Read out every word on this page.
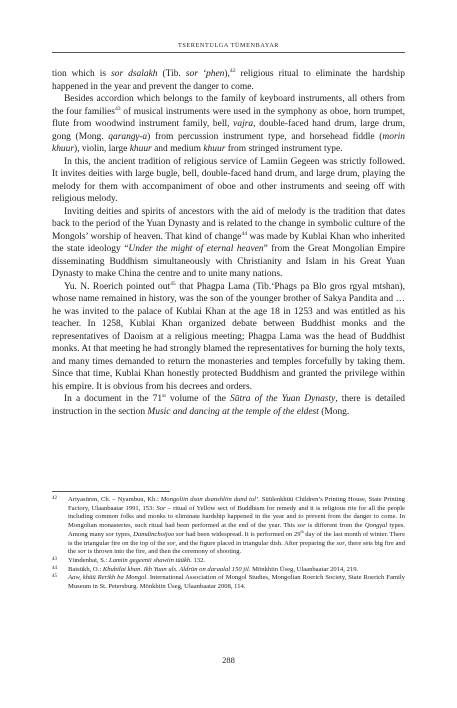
TSERENTULGA TÜMENBAYAR

tion which is sor dsalakh (Tib. sor ‘phen),$^{42}$ religious ritual to eliminate the hardship happened in the year and prevent the danger to come.

Besides accordion which belongs to the family of keyboard instruments, all others from the four families$^{43}$ of musical instruments were used in the symphony as oboe, horn trumpet, flute from woodwind instrument family, bell, vajra, double-faced hand drum, large drum, gong (Mong. qarangγ-a) from percussion instrument type, and horsehead fiddle (morin khuur), violin, large khuur and medium khuur from stringed instrument type.

In this, the ancient tradition of religious service of Lamiin Gegeen was strictly followed. It invites deities with large bugle, bell, double-faced hand drum, and large drum, playing the melody for them with accompaniment of oboe and other instruments and seeing off with religious melody.

Inviting deities and spirits of ancestors with the aid of melody is the tradition that dates back to the period of the Yuan Dynasty and is related to the change in symbolic culture of the Mongols’ worship of heaven. That kind of change$^{44}$ was made by Kublai Khan who inherited the state ideology “Under the might of eternal heaven” from the Great Mongolian Empire disseminating Buddhism simultaneously with Christianity and Islam in his Great Yuan Dynasty to make China the centre and to unite many nations.

Yu. N. Roerich pointed out$^{45}$ that Phagpa Lama (Tib.‘Phags pa Blo gros rgyal mtshan), whose name remained in history, was the son of the younger brother of Sakya Pandita and … he was invited to the palace of Kublai Khan at the age 18 in 1253 and was entitled as his teacher. In 1258, Kublai Khan organized debate between Buddhist monks and the representatives of Daoism at a religious meeting; Phagpa Lama was the head of Buddhist monks. At that meeting he had strongly blamed the representatives for burning the holy texts, and many times demanded to return the monasteries and temples forcefully by taking them. Since that time, Kublai Khan honestly protected Buddhism and granted the privilege within his empire. It is obvious from his decrees and orders.

In a document in the 71st volume of the Sūtra of the Yuan Dynasty, there is detailed instruction in the section Music and dancing at the temple of the eldest (Mong.

42 Ariyasüren, Ch. – Nyambuu, Kh.: Mongoliin dsan dsanshliin dund tol’. Süülenkhüü Children’s Printing House, State Printing Factory, Ulaanbaatar 1991, 153: Sor – ritual of Yellow sect of Buddhism for remedy and it is religious rite for all the people including common folks and monks to eliminate hardship happened in the year and to prevent from the danger to come. In Mongolian monasteries, such ritual had been performed at the end of the year. This sor is different from the Qongγal types. Among many sor types, Damdinchoijoo sor had been widespread. It is performed on 29th day of the last month of winter. There is the triangular fire on the top of the sor, and the figure placed in triangular dish. After preparing the sor, there sets big fire and the sor is thrown into the fire, and then the ceremony of shooting.
43 Yündenbat, S.: Lamiin gegeenii shawiin tüükh. 132.
44 Batsükh, O.: Khubilai khan. Ikh Yuan uls. Aldrün on daraalal 150 jil. Mönkhiin Üseg, Ulaanbaatar 2014, 219.
45 Aaw, khüü Rerikh ba Mongol. International Association of Mongol Studies, Mongolian Roerich Society, State Roerich Family Museum in St. Petersburg. Mönkhiin Üseg, Ulaanbaatar 2008, 114.
288
